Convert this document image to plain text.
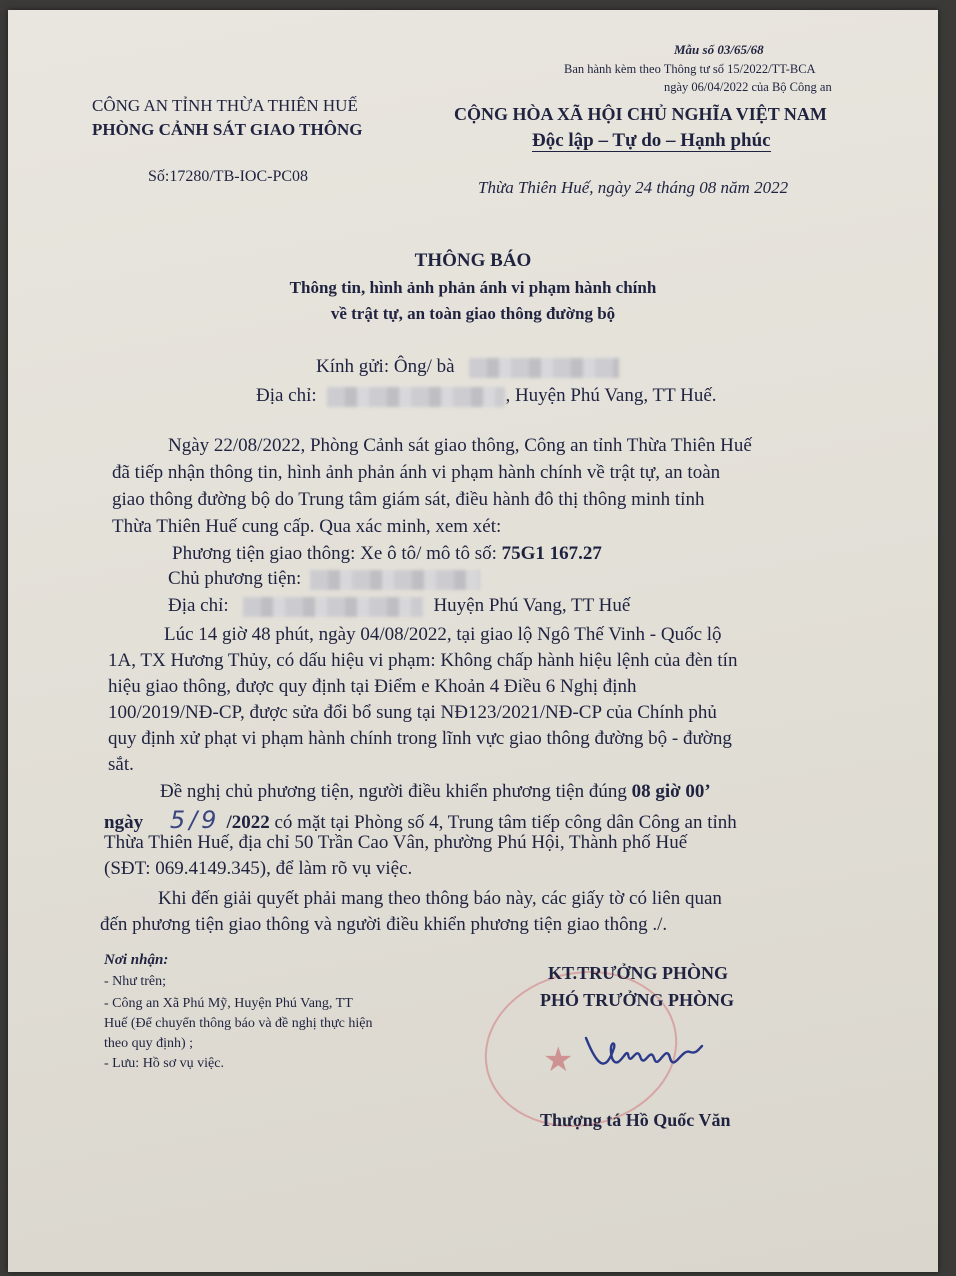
Mẫu số 03/65/68
Ban hành kèm theo Thông tư số 15/2022/TT-BCA
ngày 06/04/2022 của Bộ Công an
CÔNG AN TỈNH THỪA THIÊN HUẾ
PHÒNG CẢNH SÁT GIAO THÔNG
CỘNG HÒA XÃ HỘI CHỦ NGHĨA VIỆT NAM
Độc lập – Tự do – Hạnh phúc
Số:17280/TB-IOC-PC08
Thừa Thiên Huế, ngày 24 tháng 08 năm 2022
THÔNG BÁO
Thông tin, hình ảnh phản ánh vi phạm hành chính
về trật tự, an toàn giao thông đường bộ
Kính gửi: Ông/ bà
Địa chỉ:	, Huyện Phú Vang, TT Huế.
Ngày 22/08/2022, Phòng Cảnh sát giao thông, Công an tỉnh Thừa Thiên Huế
đã tiếp nhận thông tin, hình ảnh phản ánh vi phạm hành chính về trật tự, an toàn
giao thông đường bộ do Trung tâm giám sát, điều hành đô thị thông minh tỉnh
Thừa Thiên Huế cung cấp. Qua xác minh, xem xét:
Phương tiện giao thông: Xe ô tô/ mô tô số: 75G1 167.27
Chủ phương tiện:
Địa chỉ:	Huyện Phú Vang, TT Huế
Lúc 14 giờ 48 phút, ngày 04/08/2022, tại giao lộ Ngô Thế Vinh - Quốc lộ
1A, TX Hương Thủy, có dấu hiệu vi phạm: Không chấp hành hiệu lệnh của đèn tín
hiệu giao thông, được quy định tại Điểm e Khoản 4 Điều 6 Nghị định
100/2019/NĐ-CP, được sửa đổi bổ sung tại NĐ123/2021/NĐ-CP của Chính phủ
quy định xử phạt vi phạm hành chính trong lĩnh vực giao thông đường bộ - đường
sắt.
Đề nghị chủ phương tiện, người điều khiển phương tiện đúng 08 giờ 00’
ngày 5/9 /2022 có mặt tại Phòng số 4, Trung tâm tiếp công dân Công an tỉnh
Thừa Thiên Huế, địa chỉ 50 Trần Cao Vân, phường Phú Hội, Thành phố Huế
(SĐT: 069.4149.345), để làm rõ vụ việc.
Khi đến giải quyết phải mang theo thông báo này, các giấy tờ có liên quan
đến phương tiện giao thông và người điều khiển phương tiện giao thông ./.
Nơi nhận:
- Như trên;
- Công an Xã Phú Mỹ, Huyện Phú Vang, TT
Huế (Để chuyển thông báo và đề nghị thực hiện
theo quy định) ;
- Lưu: Hồ sơ vụ việc.	★
KT.TRƯỞNG PHÒNG
PHÓ TRƯỞNG PHÒNG
Thượng tá Hồ Quốc Văn
